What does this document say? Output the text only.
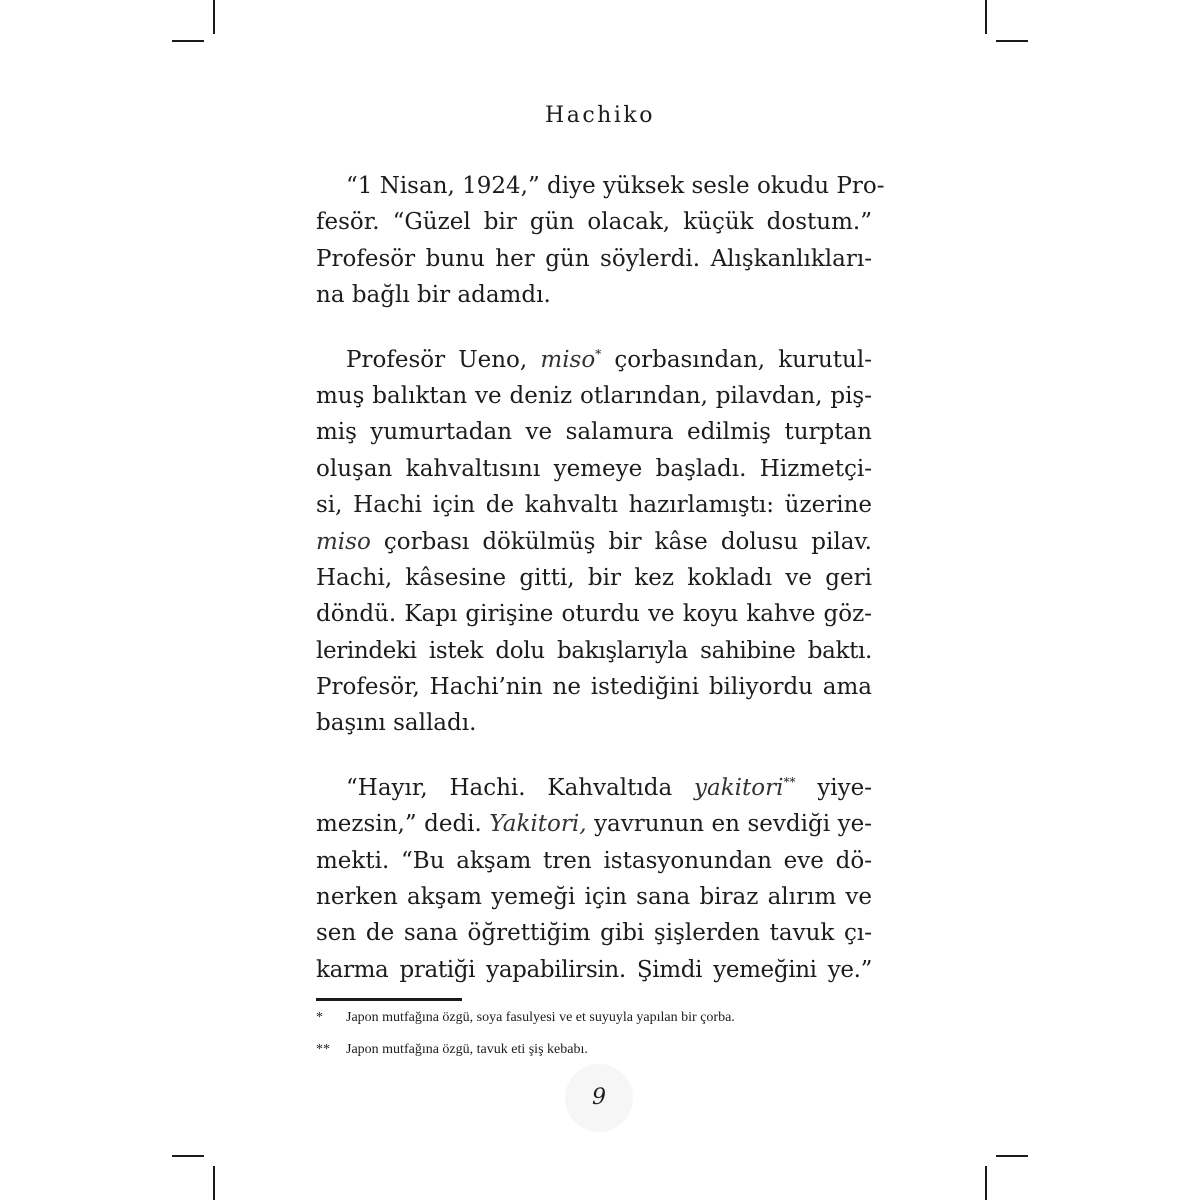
Hachiko

“1 Nisan, 1924,” diye yüksek sesle okudu Pro-
fesör. “Güzel bir gün olacak, küçük dostum.”
Profesör bunu her gün söylerdi. Alışkanlıkları-
na bağlı bir adamdı.

Profesör Ueno, miso* çorbasından, kurutul-
muş balıktan ve deniz otlarından, pilavdan, piş-
miş yumurtadan ve salamura edilmiş turptan
oluşan kahvaltısını yemeye başladı. Hizmetçi-
si, Hachi için de kahvaltı hazırlamıştı: üzerine
miso çorbası dökülmüş bir kâse dolusu pilav.
Hachi, kâsesine gitti, bir kez kokladı ve geri
döndü. Kapı girişine oturdu ve koyu kahve göz-
lerindeki istek dolu bakışlarıyla sahibine baktı.
Profesör, Hachi’nin ne istediğini biliyordu ama
başını salladı.

“Hayır, Hachi. Kahvaltıda yakitori** yiye-
mezsin,” dedi. Yakitori, yavrunun en sevdiği ye-
mekti. “Bu akşam tren istasyonundan eve dö-
nerken akşam yemeği için sana biraz alırım ve
sen de sana öğrettiğim gibi şişlerden tavuk çı-
karma pratiği yapabilirsin. Şimdi yemeğini ye.”

* Japon mutfağına özgü, soya fasulyesi ve et suyuyla yapılan bir çorba.
** Japon mutfağına özgü, tavuk eti şiş kebabı.
9
